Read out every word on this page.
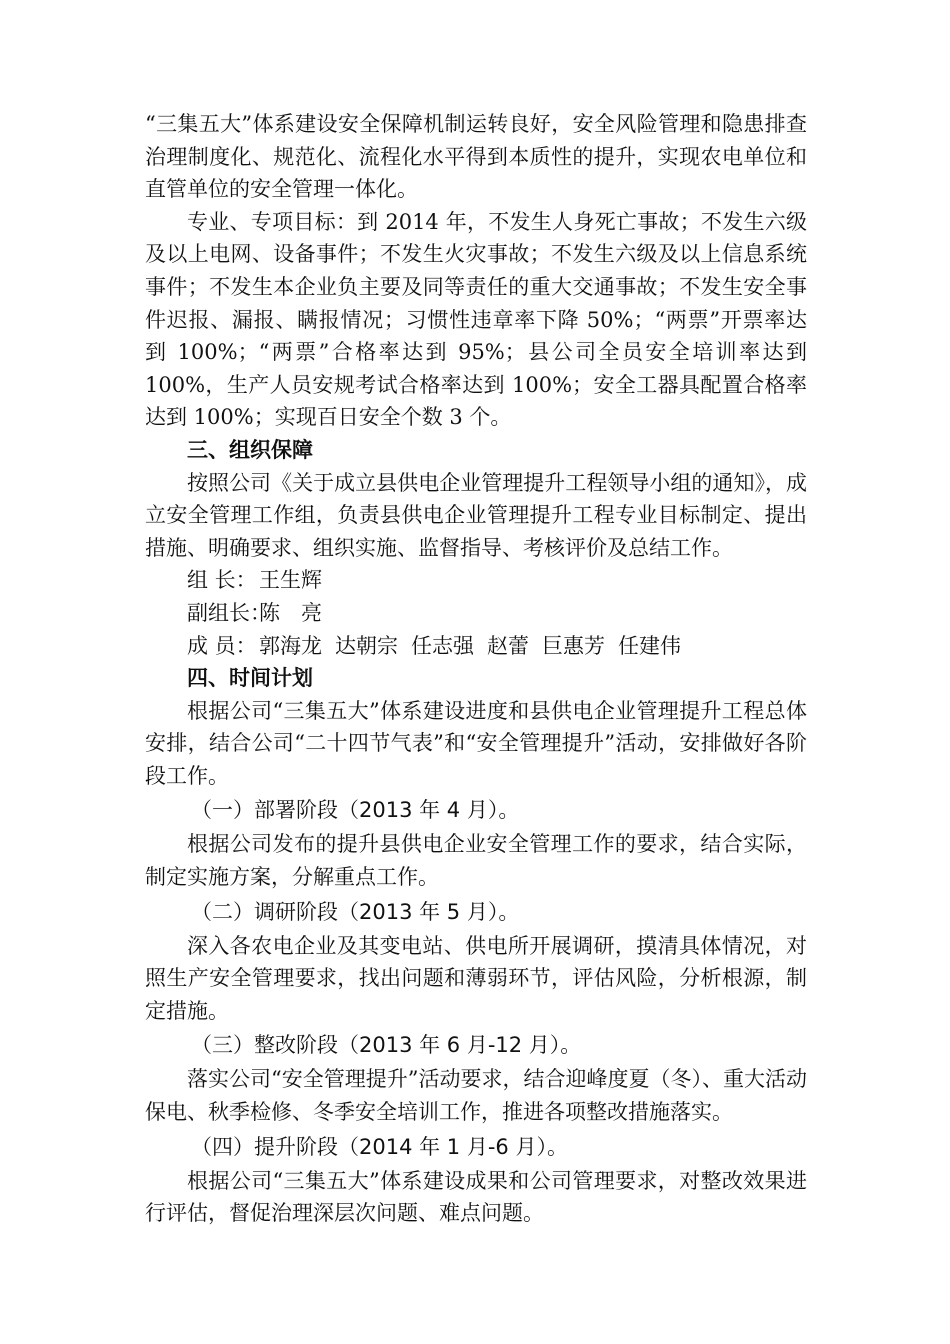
“三集五大”体系建设安全保障机制运转良好，安全风险管理和隐患排查治理制度化、规范化、流程化水平得到本质性的提升，实现农电单位和直管单位的安全管理一体化。

专业、专项目标：到 2014 年，不发生人身死亡事故；不发生六级及以上电网、设备事件；不发生火灾事故；不发生六级及以上信息系统事件；不发生本企业负主要及同等责任的重大交通事故；不发生安全事件迟报、漏报、瞒报情况；习惯性违章率下降 50%；“两票”开票率达到 100%；“两票”合格率达到 95%；县公司全员安全培训率达到 100%，生产人员安规考试合格率达到 100%；安全工器具配置合格率达到 100%；实现百日安全个数 3 个。

三、组织保障

按照公司《关于成立县供电企业管理提升工程领导小组的通知》，成立安全管理工作组，负责县供电企业管理提升工程专业目标制定、提出措施、明确要求、组织实施、监督指导、考核评价及总结工作。

组 长： 王生辉

副组长：陈　亮

成 员： 郭海龙 达朝宗 任志强 赵蕾 巨惠芳 任建伟

四、时间计划

根据公司“三集五大”体系建设进度和县供电企业管理提升工程总体安排，结合公司“二十四节气表”和“安全管理提升”活动，安排做好各阶段工作。

（一）部署阶段（2013 年 4 月）。

根据公司发布的提升县供电企业安全管理工作的要求，结合实际，制定实施方案，分解重点工作。

（二）调研阶段（2013 年 5 月）。

深入各农电企业及其变电站、供电所开展调研，摸清具体情况，对照生产安全管理要求，找出问题和薄弱环节，评估风险，分析根源，制定措施。

（三）整改阶段（2013 年 6 月-12 月）。

落实公司“安全管理提升”活动要求，结合迎峰度夏（冬）、重大活动保电、秋季检修、冬季安全培训工作，推进各项整改措施落实。

（四）提升阶段（2014 年 1 月-6 月）。

根据公司“三集五大”体系建设成果和公司管理要求，对整改效果进行评估，督促治理深层次问题、难点问题。
